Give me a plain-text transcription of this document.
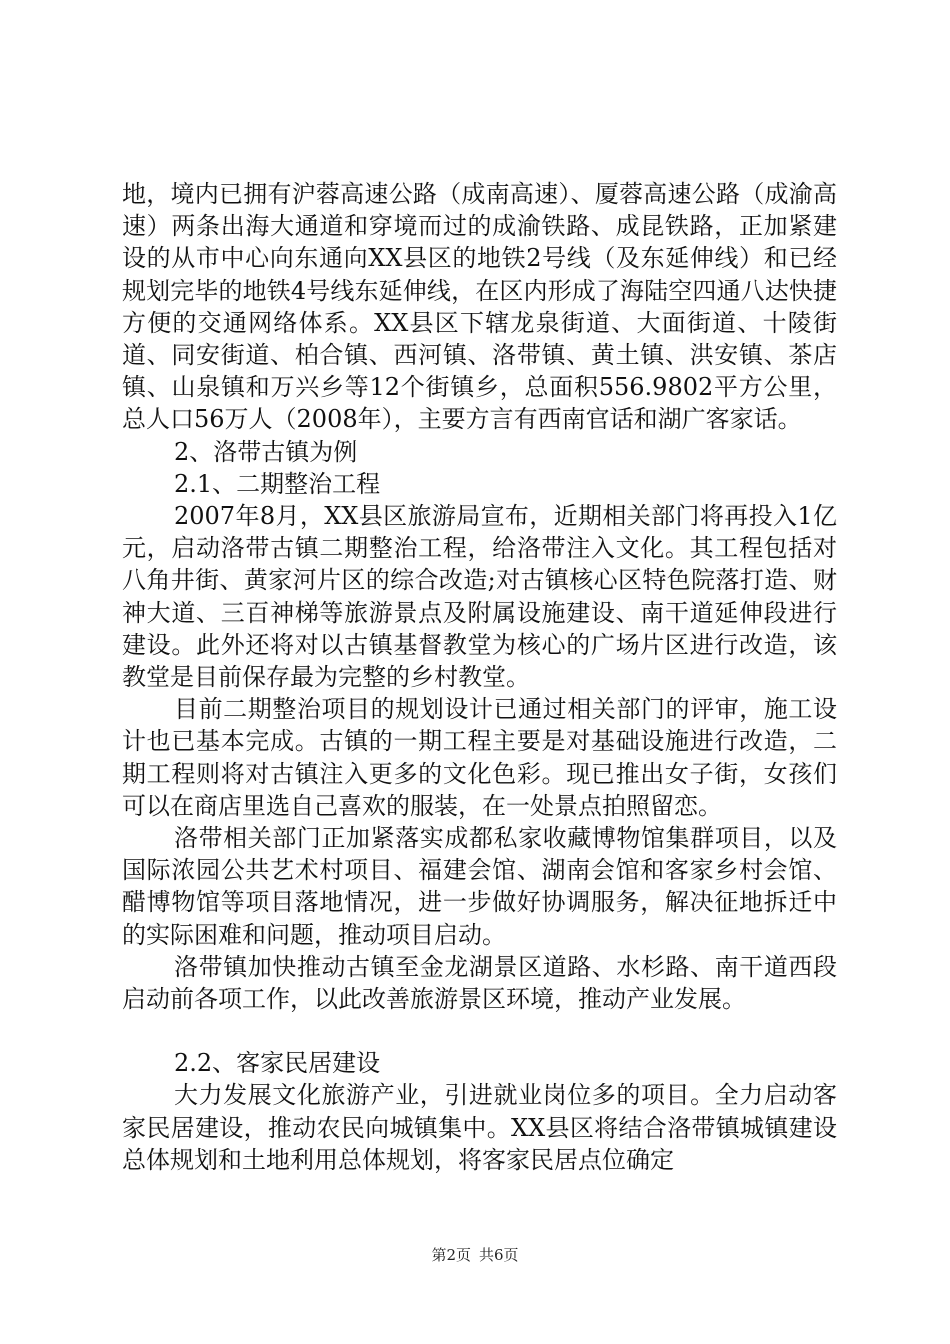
地，境内已拥有沪蓉高速公路（成南高速）、厦蓉高速公路（成渝高速）两条出海大通道和穿境而过的成渝铁路、成昆铁路，正加紧建设的从市中心向东通向XX县区的地铁2号线（及东延伸线）和已经规划完毕的地铁4号线东延伸线，在区内形成了海陆空四通八达快捷方便的交通网络体系。XX县区下辖龙泉街道、大面街道、十陵街道、同安街道、柏合镇、西河镇、洛带镇、黄土镇、洪安镇、茶店镇、山泉镇和万兴乡等12个街镇乡，总面积556.9802平方公里，总人口56万人（2008年），主要方言有西南官话和湖广客家话。

2、洛带古镇为例

2.1、二期整治工程

2007年8月，XX县区旅游局宣布，近期相关部门将再投入1亿元，启动洛带古镇二期整治工程，给洛带注入文化。其工程包括对八角井街、黄家河片区的综合改造;对古镇核心区特色院落打造、财神大道、三百神梯等旅游景点及附属设施建设、南干道延伸段进行建设。此外还将对以古镇基督教堂为核心的广场片区进行改造，该教堂是目前保存最为完整的乡村教堂。

目前二期整治项目的规划设计已通过相关部门的评审，施工设计也已基本完成。古镇的一期工程主要是对基础设施进行改造，二期工程则将对古镇注入更多的文化色彩。现已推出女子街，女孩们可以在商店里选自己喜欢的服装，在一处景点拍照留恋。

洛带相关部门正加紧落实成都私家收藏博物馆集群项目，以及国际浓园公共艺术村项目、福建会馆、湖南会馆和客家乡村会馆、醋博物馆等项目落地情况，进一步做好协调服务，解决征地拆迁中的实际困难和问题，推动项目启动。

洛带镇加快推动古镇至金龙湖景区道路、水杉路、南干道西段启动前各项工作，以此改善旅游景区环境，推动产业发展。

2.2、客家民居建设

大力发展文化旅游产业，引进就业岗位多的项目。全力启动客家民居建设，推动农民向城镇集中。XX县区将结合洛带镇城镇建设总体规划和土地利用总体规划，将客家民居点位确定

第2页 共6页
